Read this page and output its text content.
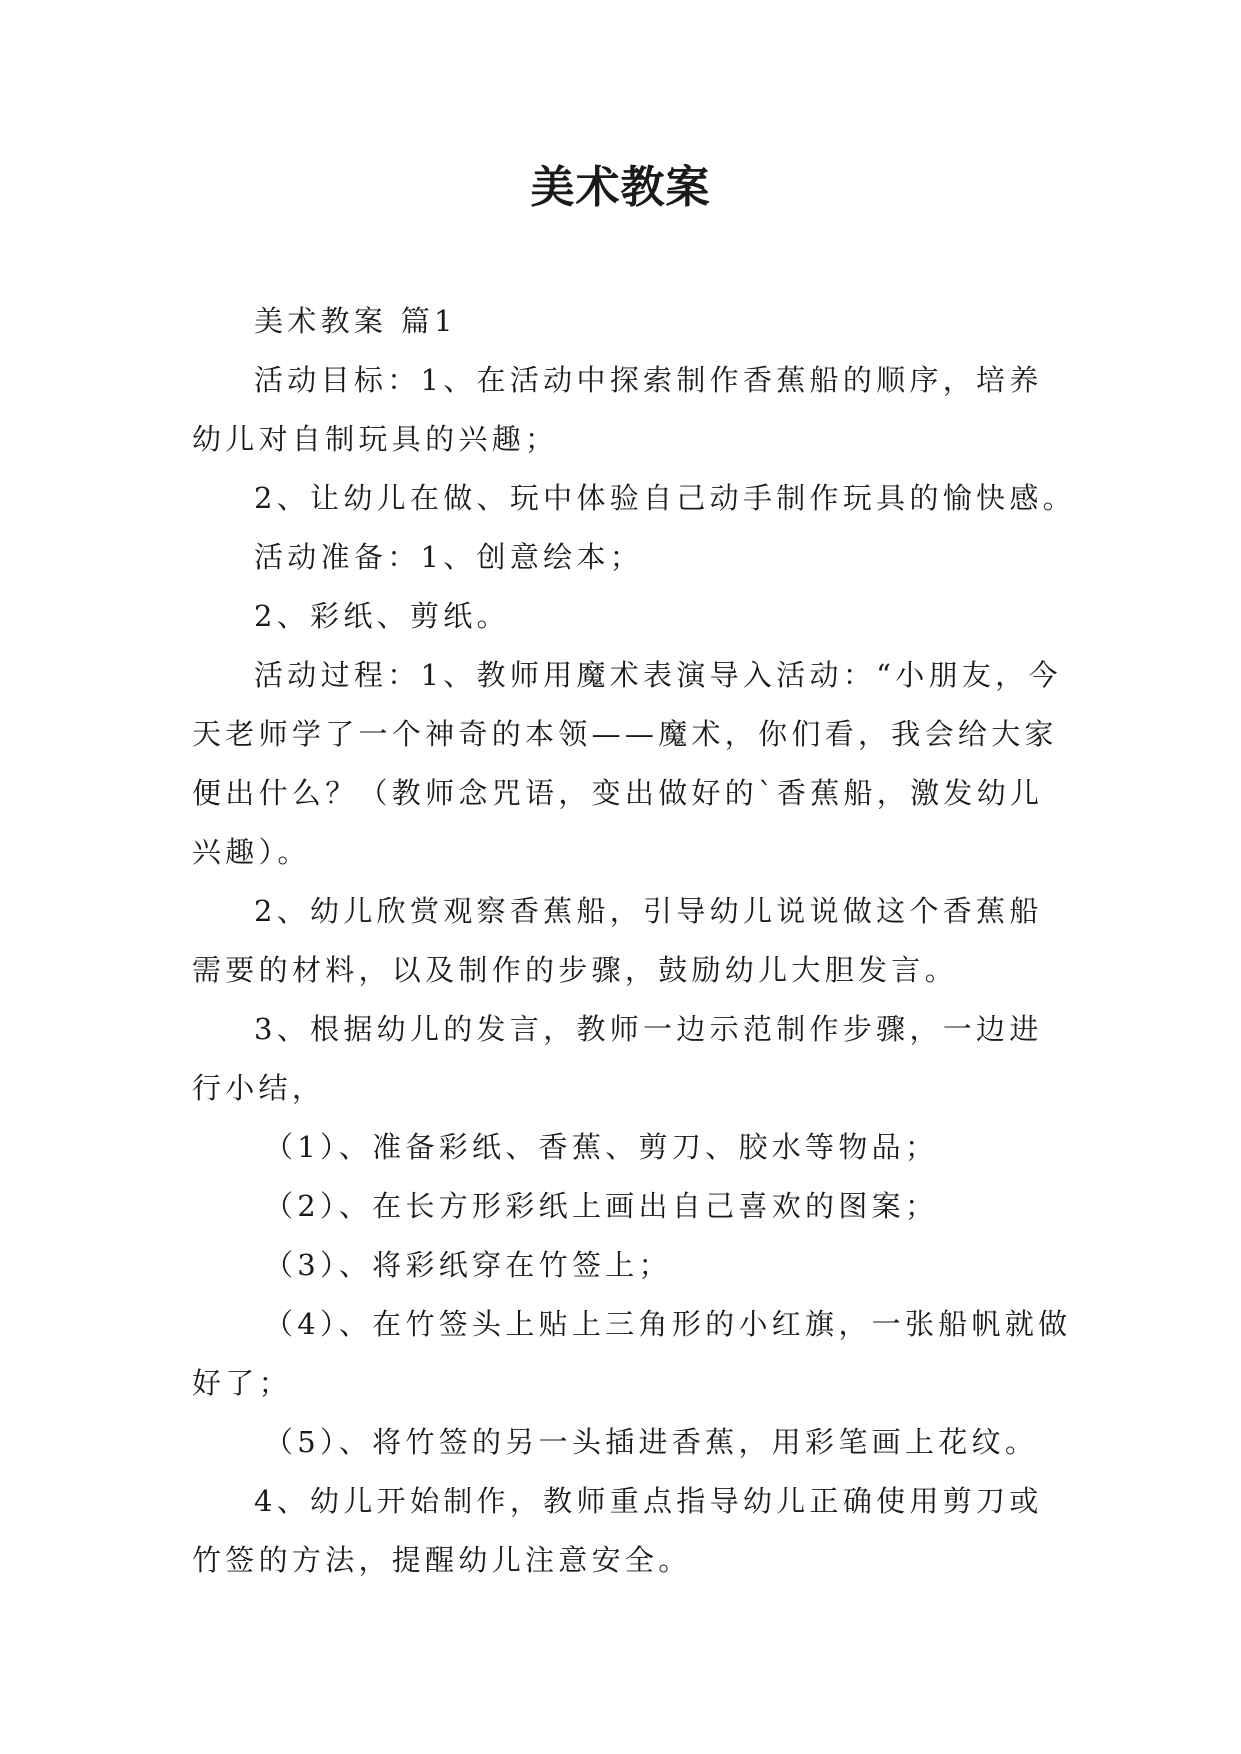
美术教案
美术教案 篇1
活动目标：1、在活动中探索制作香蕉船的顺序，培养
幼儿对自制玩具的兴趣；
2、让幼儿在做、玩中体验自己动手制作玩具的愉快感。
活动准备：1、创意绘本；
2、彩纸、剪纸。
活动过程：1、教师用魔术表演导入活动：“小朋友，今
天老师学了一个神奇的本领——魔术，你们看，我会给大家
便出什么？（教师念咒语，变出做好的`香蕉船，激发幼儿
兴趣）。
2、幼儿欣赏观察香蕉船，引导幼儿说说做这个香蕉船
需要的材料，以及制作的步骤，鼓励幼儿大胆发言。
3、根据幼儿的发言，教师一边示范制作步骤，一边进
行小结，
（1）、准备彩纸、香蕉、剪刀、胶水等物品；
（2）、在长方形彩纸上画出自己喜欢的图案；
（3）、将彩纸穿在竹签上；
（4）、在竹签头上贴上三角形的小红旗，一张船帆就做
好了；
（5）、将竹签的另一头插进香蕉，用彩笔画上花纹。
4、幼儿开始制作，教师重点指导幼儿正确使用剪刀或
竹签的方法，提醒幼儿注意安全。
